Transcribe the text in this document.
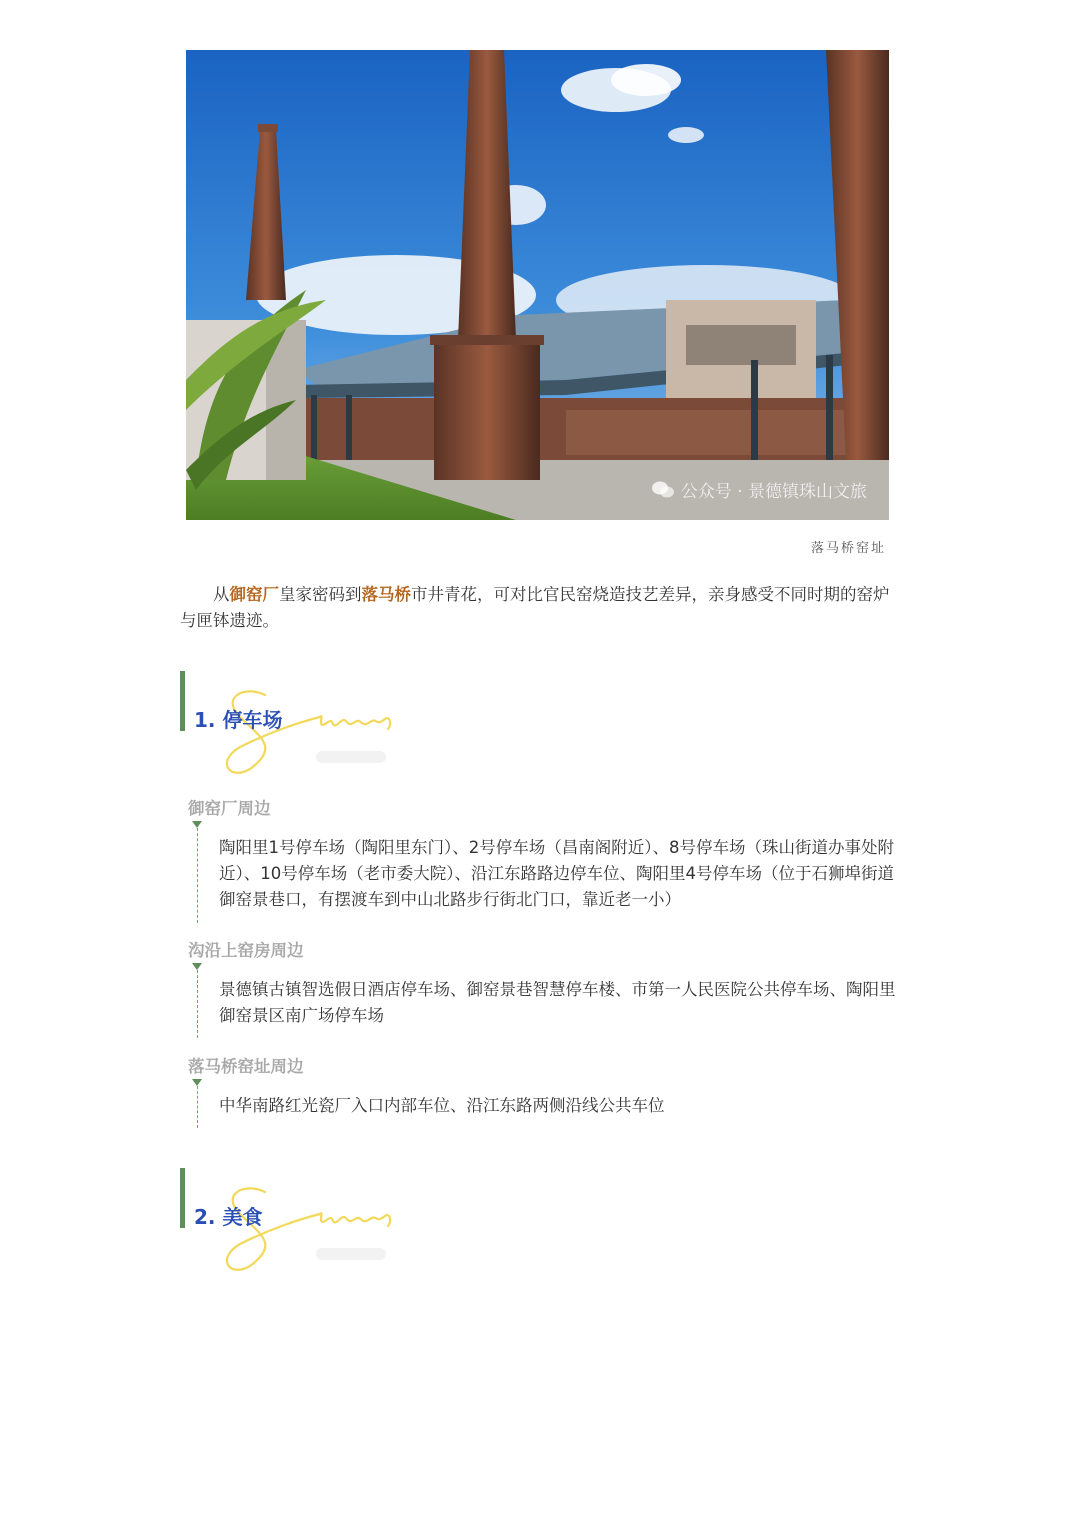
公众号 · 景德镇珠山文旅
落马桥窑址
从御窑厂皇家密码到落马桥市井青花，可对比官民窑烧造技艺差异，亲身感受不同时期的窑炉与匣钵遗迹。
1. 停车场
御窑厂周边
陶阳里1号停车场（陶阳里东门）、2号停车场（昌南阁附近）、8号停车场（珠山街道办事处附近）、10号停车场（老市委大院）、沿江东路路边停车位、陶阳里4号停车场（位于石狮埠街道御窑景巷口，有摆渡车到中山北路步行街北门口，靠近老一小）
沟沿上窑房周边
景德镇古镇智选假日酒店停车场、御窑景巷智慧停车楼、市第一人民医院公共停车场、陶阳里御窑景区南广场停车场
落马桥窑址周边
中华南路红光瓷厂入口内部车位、沿江东路两侧沿线公共车位
2. 美食
